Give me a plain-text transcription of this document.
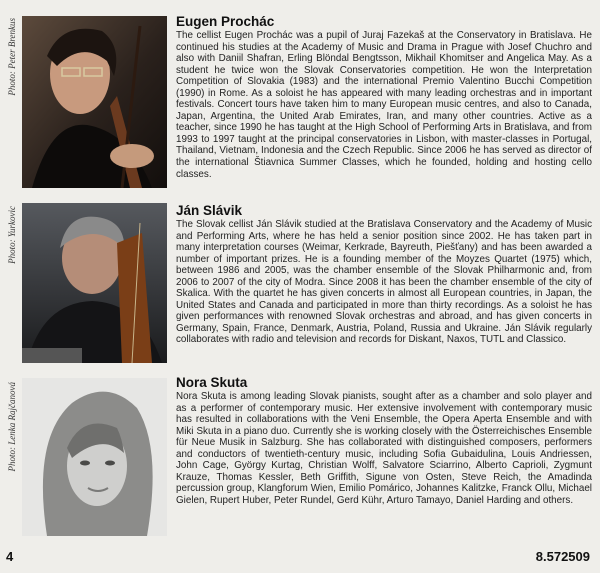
Photo: Peter Brenkus	Eugen Prochác

The cellist Eugen Prochác was a pupil of Juraj Fazekaš at the Conservatory in Bratislava. He continued his studies at the Academy of Music and Drama in Prague with Josef Chuchro and also with Daniil Shafran, Erling Blöndal Bengtsson, Mikhail Khomitser and Angelica May. As a student he twice won the Slovak Conservatories competition. He won the Interpretation Competition of Slovakia (1983) and the international Premio Valentino Bucchi Competition (1990) in Rome. As a soloist he has appeared with many leading orchestras and in important festivals. Concert tours have taken him to many European music centres, and also to Canada, Japan, Argentina, the United Arab Emirates, Iran, and many other countries. Active as a teacher, since 1990 he has taught at the High School of Performing Arts in Bratislava, and from 1993 to 1997 taught at the principal conservatories in Lisbon, with master-classes in Portugal, Thailand, Vietnam, Indonesia and the Czech Republic. Since 2006 he has served as director of the international Štiavnica Summer Classes, which he founded, holding and hosting cello classes.

Photo: Yurkovic	Ján Slávik

The Slovak cellist Ján Slávik studied at the Bratislava Conservatory and the Academy of Music and Performing Arts, where he has held a senior position since 2002. He has taken part in many interpretation courses (Weimar, Kerkrade, Bayreuth, Piešťany) and has been awarded a number of important prizes. He is a founding member of the Moyzes Quartet (1975) which, between 1986 and 2005, was the chamber ensemble of the Slovak Philharmonic and, from 2006 to 2007 of the city of Modra. Since 2008 it has been the chamber ensemble of the city of Skalica. With the quartet he has given concerts in almost all European countries, in Japan, the United States and Canada and participated in more than thirty recordings. As a soloist he has given performances with renowned Slovak orchestras and abroad, and has given concerts in Germany, Spain, France, Denmark, Austria, Poland, Russia and Ukraine. Ján Slávik regularly collaborates with radio and television and records for Diskant, Naxos, TUTL and Classico.

Photo: Lenka Rajčanová	Nora Skuta

Nora Skuta is among leading Slovak pianists, sought after as a chamber and solo player and as a performer of contemporary music. Her extensive involvement with contemporary music has resulted in collaborations with the Veni Ensemble, the Opera Aperta Ensemble and with Miki Skuta in a piano duo. Currently she is working closely with the Österreichisches Ensemble für Neue Musik in Salzburg. She has collaborated with distinguished composers, performers and conductors of twentieth-century music, including Sofia Gubaidulina, Louis Andriessen, John Cage, György Kurtag, Christian Wolff, Salvatore Sciarrino, Alberto Caprioli, Zygmunt Krauze, Thomas Kessler, Beth Griffith, Sigune von Osten, Steve Reich, the Amadinda percussion group, Klangforum Wien, Emilio Pomárico, Johannes Kalitzke, Franck Ollu, Michael Gielen, Rupert Huber, Peter Rundel, Gerd Kühr, Arturo Tamayo, Daniel Harding and others.

4	8.572509
